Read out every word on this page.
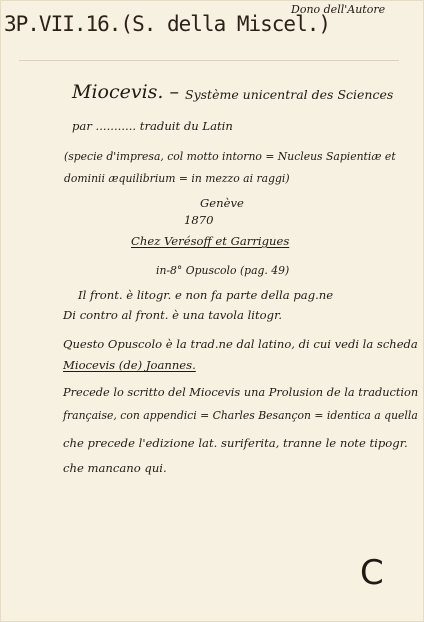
3P.VII.16.(S. della Miscel.)
Dono dell'Autore
Miocevis. – Système unicentral des Sciences
par ........... traduit du Latin
(specie d'impresa, col motto intorno = Nucleus Sapientiæ et
dominii æquilibrium = in mezzo ai raggi)
Genève
1870
Chez Verésoff et Garrigues
in-8° Opuscolo (pag. 49)
Il front. è litogr. e non fa parte della pag.ne
Di contro al front. è una tavola litogr.
Questo Opuscolo è la trad.ne dal latino, di cui vedi la scheda
Miocevis (de) Joannes.
Precede lo scritto del Miocevis una Prolusion de la traduction
française, con appendici = Charles Besançon = identica a quella
che precede l'edizione lat. suriferita, tranne le note tipogr.
che mancano qui.
C
